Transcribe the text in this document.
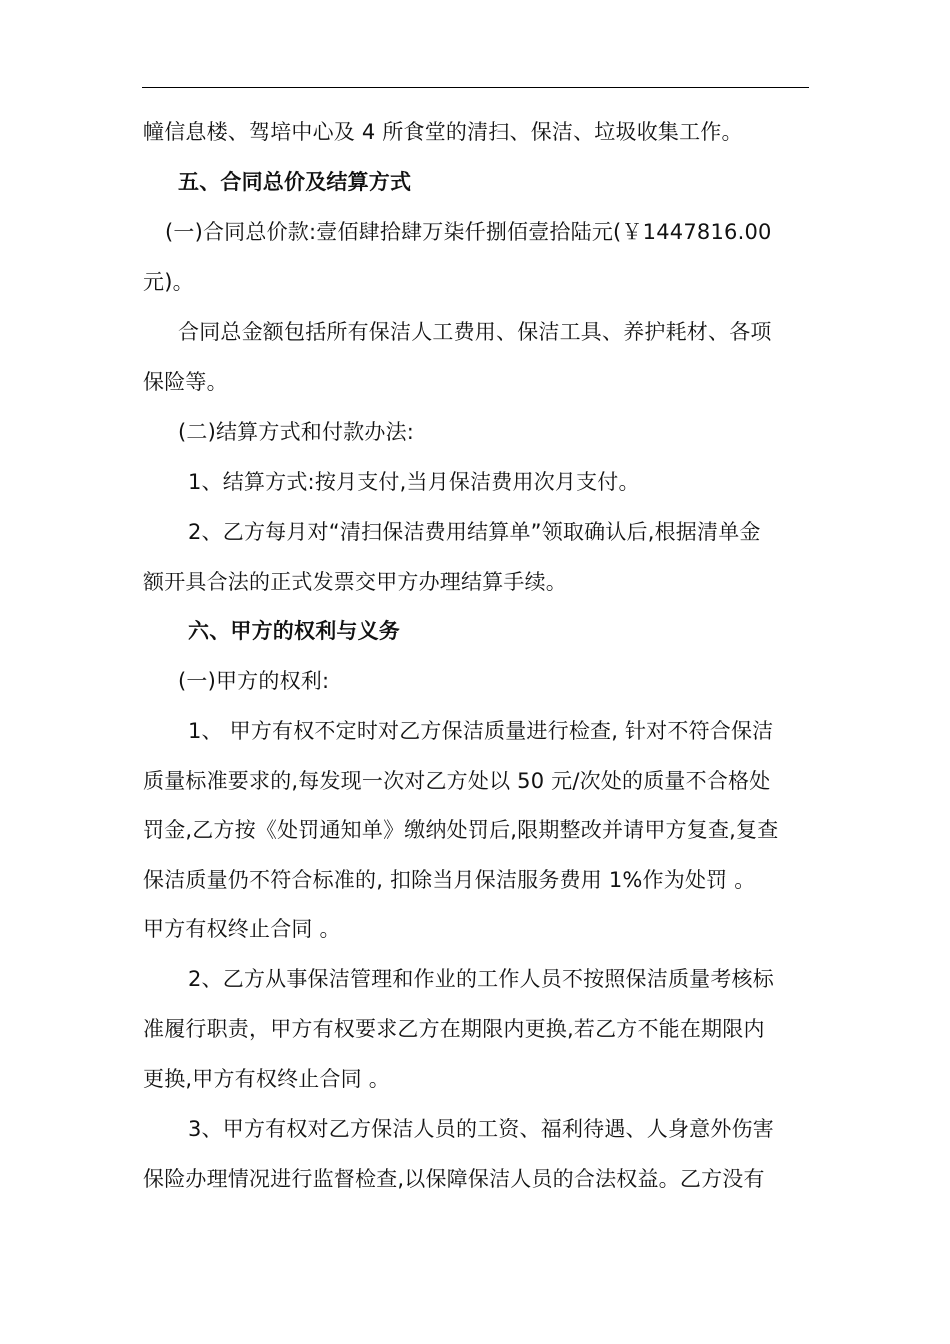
幢信息楼、驾培中心及 4 所食堂的清扫、保洁、垃圾收集工作。
五、合同总价及结算方式
(一)合同总价款:壹佰肆拾肆万柒仟捌佰壹拾陆元(￥1447816.00
元)。
合同总金额包括所有保洁人工费用、保洁工具、养护耗材、各项
保险等。
(二)结算方式和付款办法:
1、结算方式:按月支付,当月保洁费用次月支付。
2、乙方每月对“清扫保洁费用结算单”领取确认后,根据清单金
额开具合法的正式发票交甲方办理结算手续。
六、甲方的权利与义务
(一)甲方的权利:
1、 甲方有权不定时对乙方保洁质量进行检查, 针对不符合保洁
质量标准要求的,每发现一次对乙方处以 50 元/次处的质量不合格处
罚金,乙方按《处罚通知单》缴纳处罚后,限期整改并请甲方复查,复查
保洁质量仍不符合标准的, 扣除当月保洁服务费用 1%作为处罚 。
甲方有权终止合同 。
2、乙方从事保洁管理和作业的工作人员不按照保洁质量考核标
准履行职责，甲方有权要求乙方在期限内更换,若乙方不能在期限内
更换,甲方有权终止合同 。
3、甲方有权对乙方保洁人员的工资、福利待遇、人身意外伤害
保险办理情况进行监督检查,以保障保洁人员的合法权益。乙方没有
